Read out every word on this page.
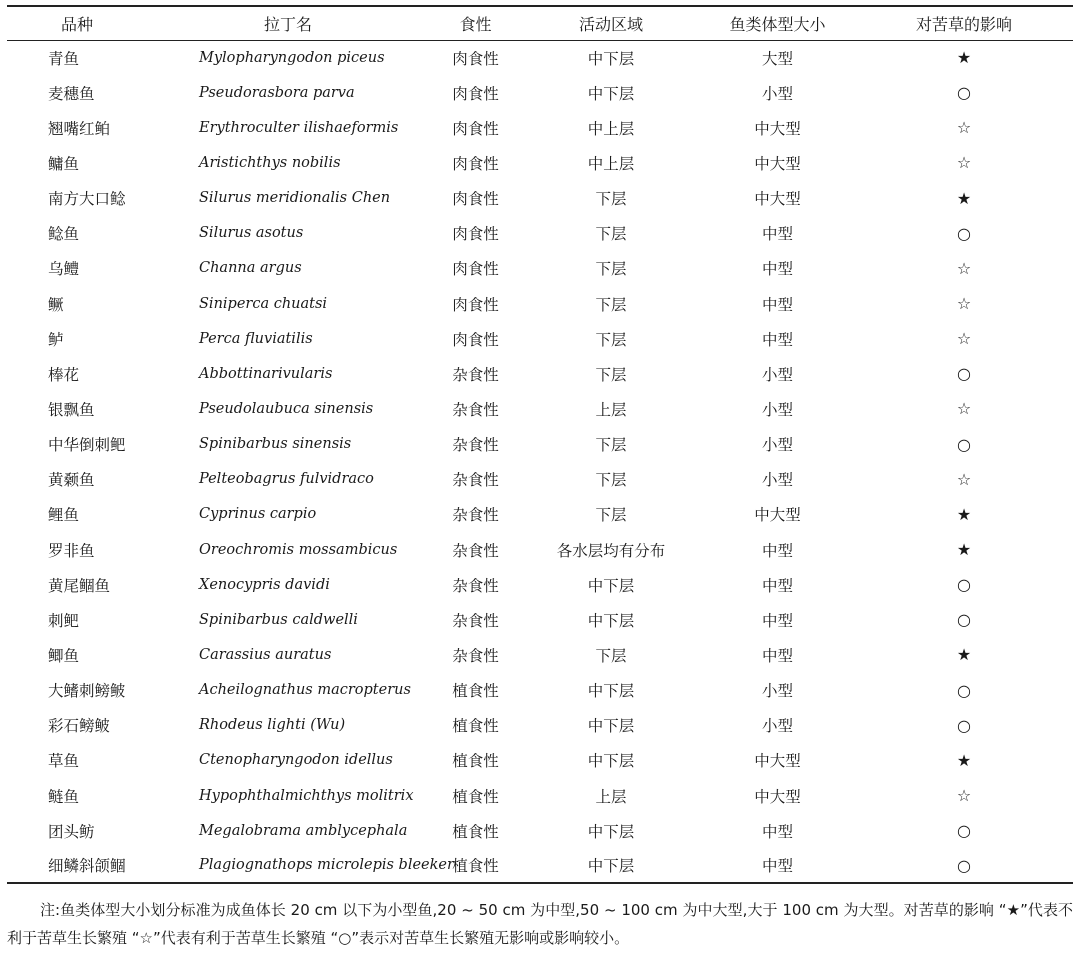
品种	拉丁名	食性	活动区域	鱼类体型大小	对苦草的影响
青鱼	Mylopharyngodon piceus	肉食性	中下层	大型	★
麦穗鱼	Pseudorasbora parva	肉食性	中下层	小型	○
翘嘴红鲌	Erythroculter ilishaeformis	肉食性	中上层	中大型	☆
鳙鱼	Aristichthys nobilis	肉食性	中上层	中大型	☆
南方大口鲶	Silurus meridionalis Chen	肉食性	下层	中大型	★
鲶鱼	Silurus asotus	肉食性	下层	中型	○
乌鳢	Channa argus	肉食性	下层	中型	☆
鳜	Siniperca chuatsi	肉食性	下层	中型	☆
鲈	Perca fluviatilis	肉食性	下层	中型	☆
棒花	Abbottinarivularis	杂食性	下层	小型	○
银飘鱼	Pseudolaubuca sinensis	杂食性	上层	小型	☆
中华倒刺鲃	Spinibarbus sinensis	杂食性	下层	小型	○
黄颡鱼	Pelteobagrus fulvidraco	杂食性	下层	小型	☆
鲤鱼	Cyprinus carpio	杂食性	下层	中大型	★
罗非鱼	Oreochromis mossambicus	杂食性	各水层均有分布	中型	★
黄尾鲴鱼	Xenocypris davidi	杂食性	中下层	中型	○
刺鲃	Spinibarbus caldwelli	杂食性	中下层	中型	○
鲫鱼	Carassius auratus	杂食性	下层	中型	★
大鳍刺鳑鲏	Acheilognathus macropterus	植食性	中下层	小型	○
彩石鳑鲏	Rhodeus lighti (Wu)	植食性	中下层	小型	○
草鱼	Ctenopharyngodon idellus	植食性	中下层	中大型	★
鲢鱼	Hypophthalmichthys molitrix	植食性	上层	中大型	☆
团头鲂	Megalobrama amblycephala	植食性	中下层	中型	○
细鳞斜颌鲴	Plagiognathops microlepis bleeker	植食性	中下层	中型	○
注:鱼类体型大小划分标准为成鱼体长 20 cm 以下为小型鱼,20 ~ 50 cm 为中型,50 ~ 100 cm 为中大型,大于 100 cm 为大型。对苦草的影响 “★”代表不利于苦草生长繁殖 “☆”代表有利于苦草生长繁殖 “○”表示对苦草生长繁殖无影响或影响较小。
